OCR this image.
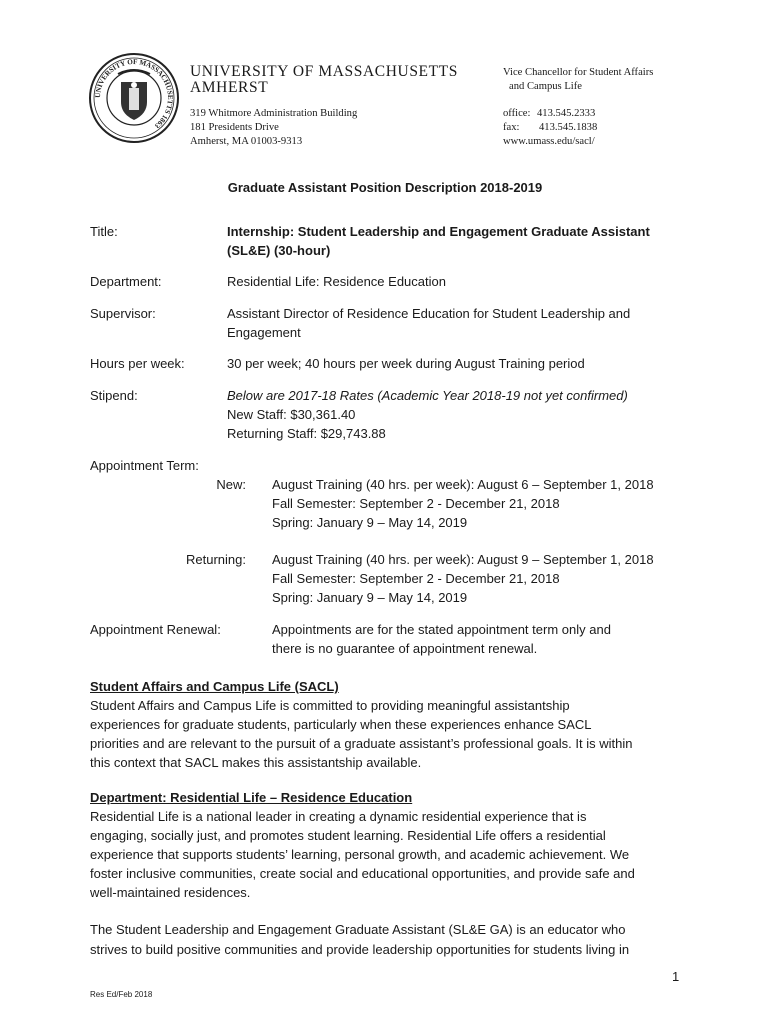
UNIVERSITY OF MASSACHUSETTS 1863
UNIVERSITY OF MASSACHUSETTS
AMHERST
319 Whitmore Administration Building
181 Presidents Drive
Amherst, MA 01003-9313
Vice Chancellor for Student Affairs
and Campus Life
office: 413.545.2333
fax: 413.545.1838
www.umass.edu/sacl/
Graduate Assistant Position Description 2018-2019
Title:	Internship: Student Leadership and Engagement Graduate Assistant
(SL&E) (30-hour)
Department:	Residential Life: Residence Education
Supervisor:	Assistant Director of Residence Education for Student Leadership and
Engagement
Hours per week:	30 per week; 40 hours per week during August Training period
Stipend:	Below are 2017-18 Rates (Academic Year 2018-19 not yet confirmed)
New Staff: $30,361.40
Returning Staff: $29,743.88
Appointment Term:
New: August Training (40 hrs. per week): August 6 – September 1, 2018
Fall Semester: September 2 - December 21, 2018
Spring: January 9 – May 14, 2019
Returning: August Training (40 hrs. per week): August 9 – September 1, 2018
Fall Semester: September 2 - December 21, 2018
Spring: January 9 – May 14, 2019
Appointment Renewal:	Appointments are for the stated appointment term only and
there is no guarantee of appointment renewal.
Student Affairs and Campus Life (SACL)
Student Affairs and Campus Life is committed to providing meaningful assistantship
experiences for graduate students, particularly when these experiences enhance SACL
priorities and are relevant to the pursuit of a graduate assistant’s professional goals. It is within
this context that SACL makes this assistantship available.
Department: Residential Life – Residence Education
Residential Life is a national leader in creating a dynamic residential experience that is
engaging, socially just, and promotes student learning. Residential Life offers a residential
experience that supports students’ learning, personal growth, and academic achievement. We
foster inclusive communities, create social and educational opportunities, and provide safe and
well-maintained residences.
The Student Leadership and Engagement Graduate Assistant (SL&E GA) is an educator who
strives to build positive communities and provide leadership opportunities for students living in
1
Res Ed/Feb 2018
